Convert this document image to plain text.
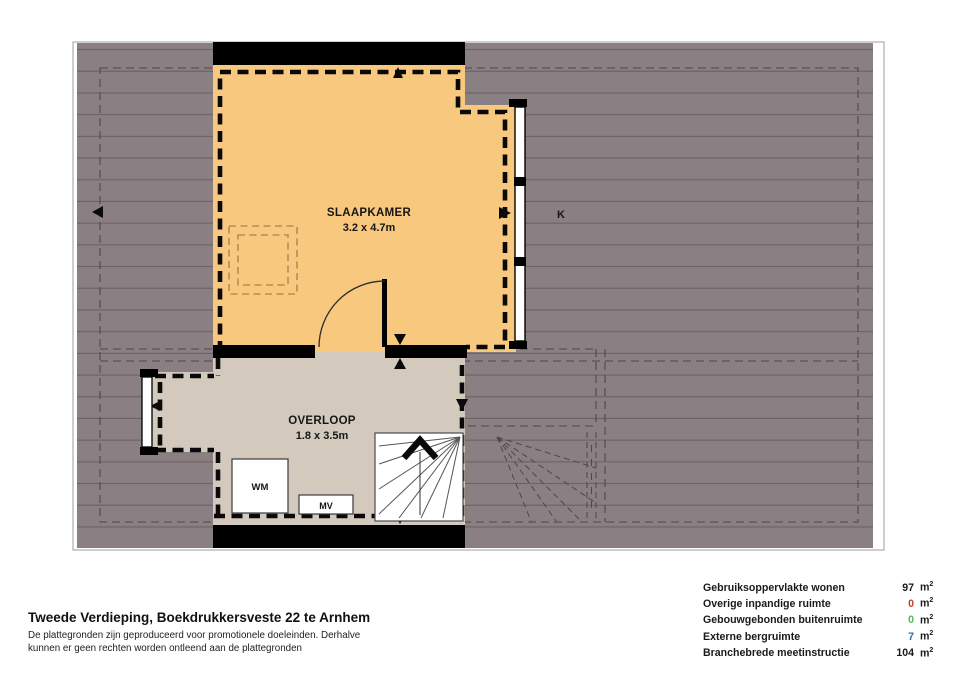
SLAAPKAMER
3.2 x 4.7m
OVERLOOP
1.8 x 3.5m
K
WM
MV
Tweede Verdieping, Boekdrukkersveste 22 te Arnhem
De plattegronden zijn geproduceerd voor promotionele doeleinden. Derhalve
kunnen er geen rechten worden ontleend aan de plattegronden
Gebruiksoppervlakte wonen	97 $m^2$
Overige inpandige ruimte	0 $m^2$
Gebouwgebonden buitenruimte	0 $m^2$
Externe bergruimte	7 $m^2$
Branchebrede meetinstructie	104 $m^2$
